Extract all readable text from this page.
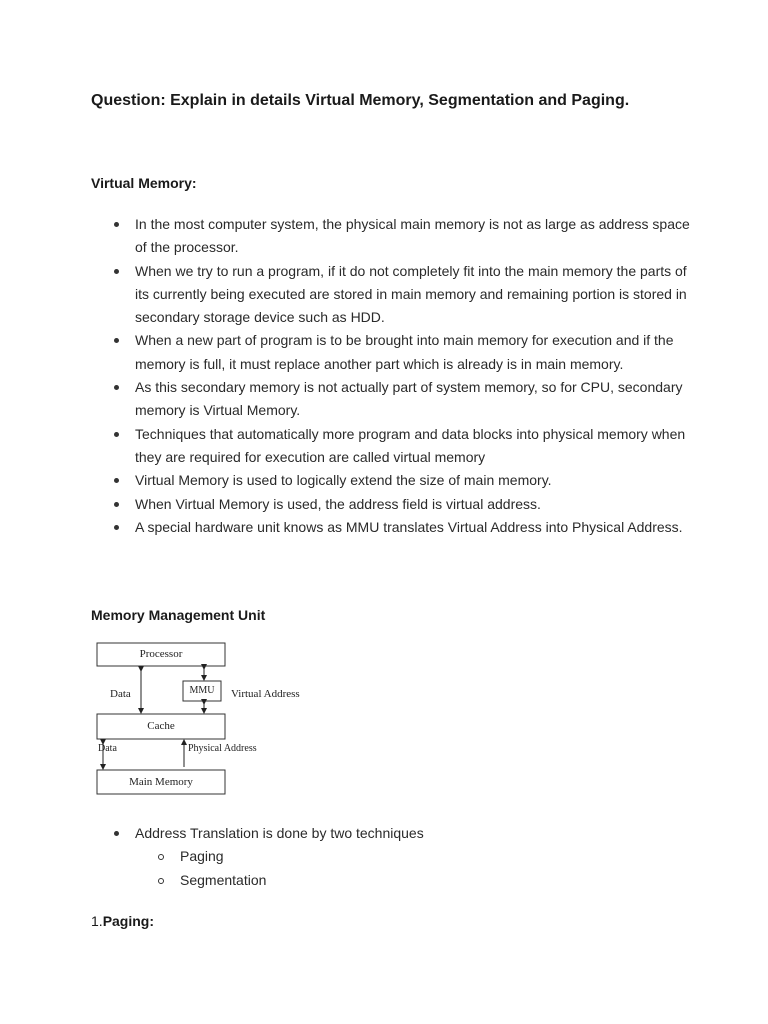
Question: Explain in details Virtual Memory, Segmentation and Paging.
Virtual Memory:
In the most computer system, the physical main memory is not as large as address space of the processor.
When we try to run a program, if it do not completely fit into the main memory the parts of its currently being executed are stored in main memory and remaining portion is stored in secondary storage device such as HDD.
When a new part of program is to be brought into main memory for execution and if the memory is full, it must replace another part which is already is in main memory.
As this secondary memory is not actually part of system memory, so for CPU, secondary memory is Virtual Memory.
Techniques that automatically more program and data blocks into physical memory when they are required for execution are called virtual memory
Virtual Memory is used to logically extend the size of main memory.
When Virtual Memory is used, the address field is virtual address.
A special hardware unit knows as MMU translates Virtual Address into Physical Address.
Memory Management Unit
Processor
MMU	Virtual Address
Data
Cache
Data	Physical Address
Main Memory
Address Translation is done by two techniques
Paging
Segmentation
1.Paging:
